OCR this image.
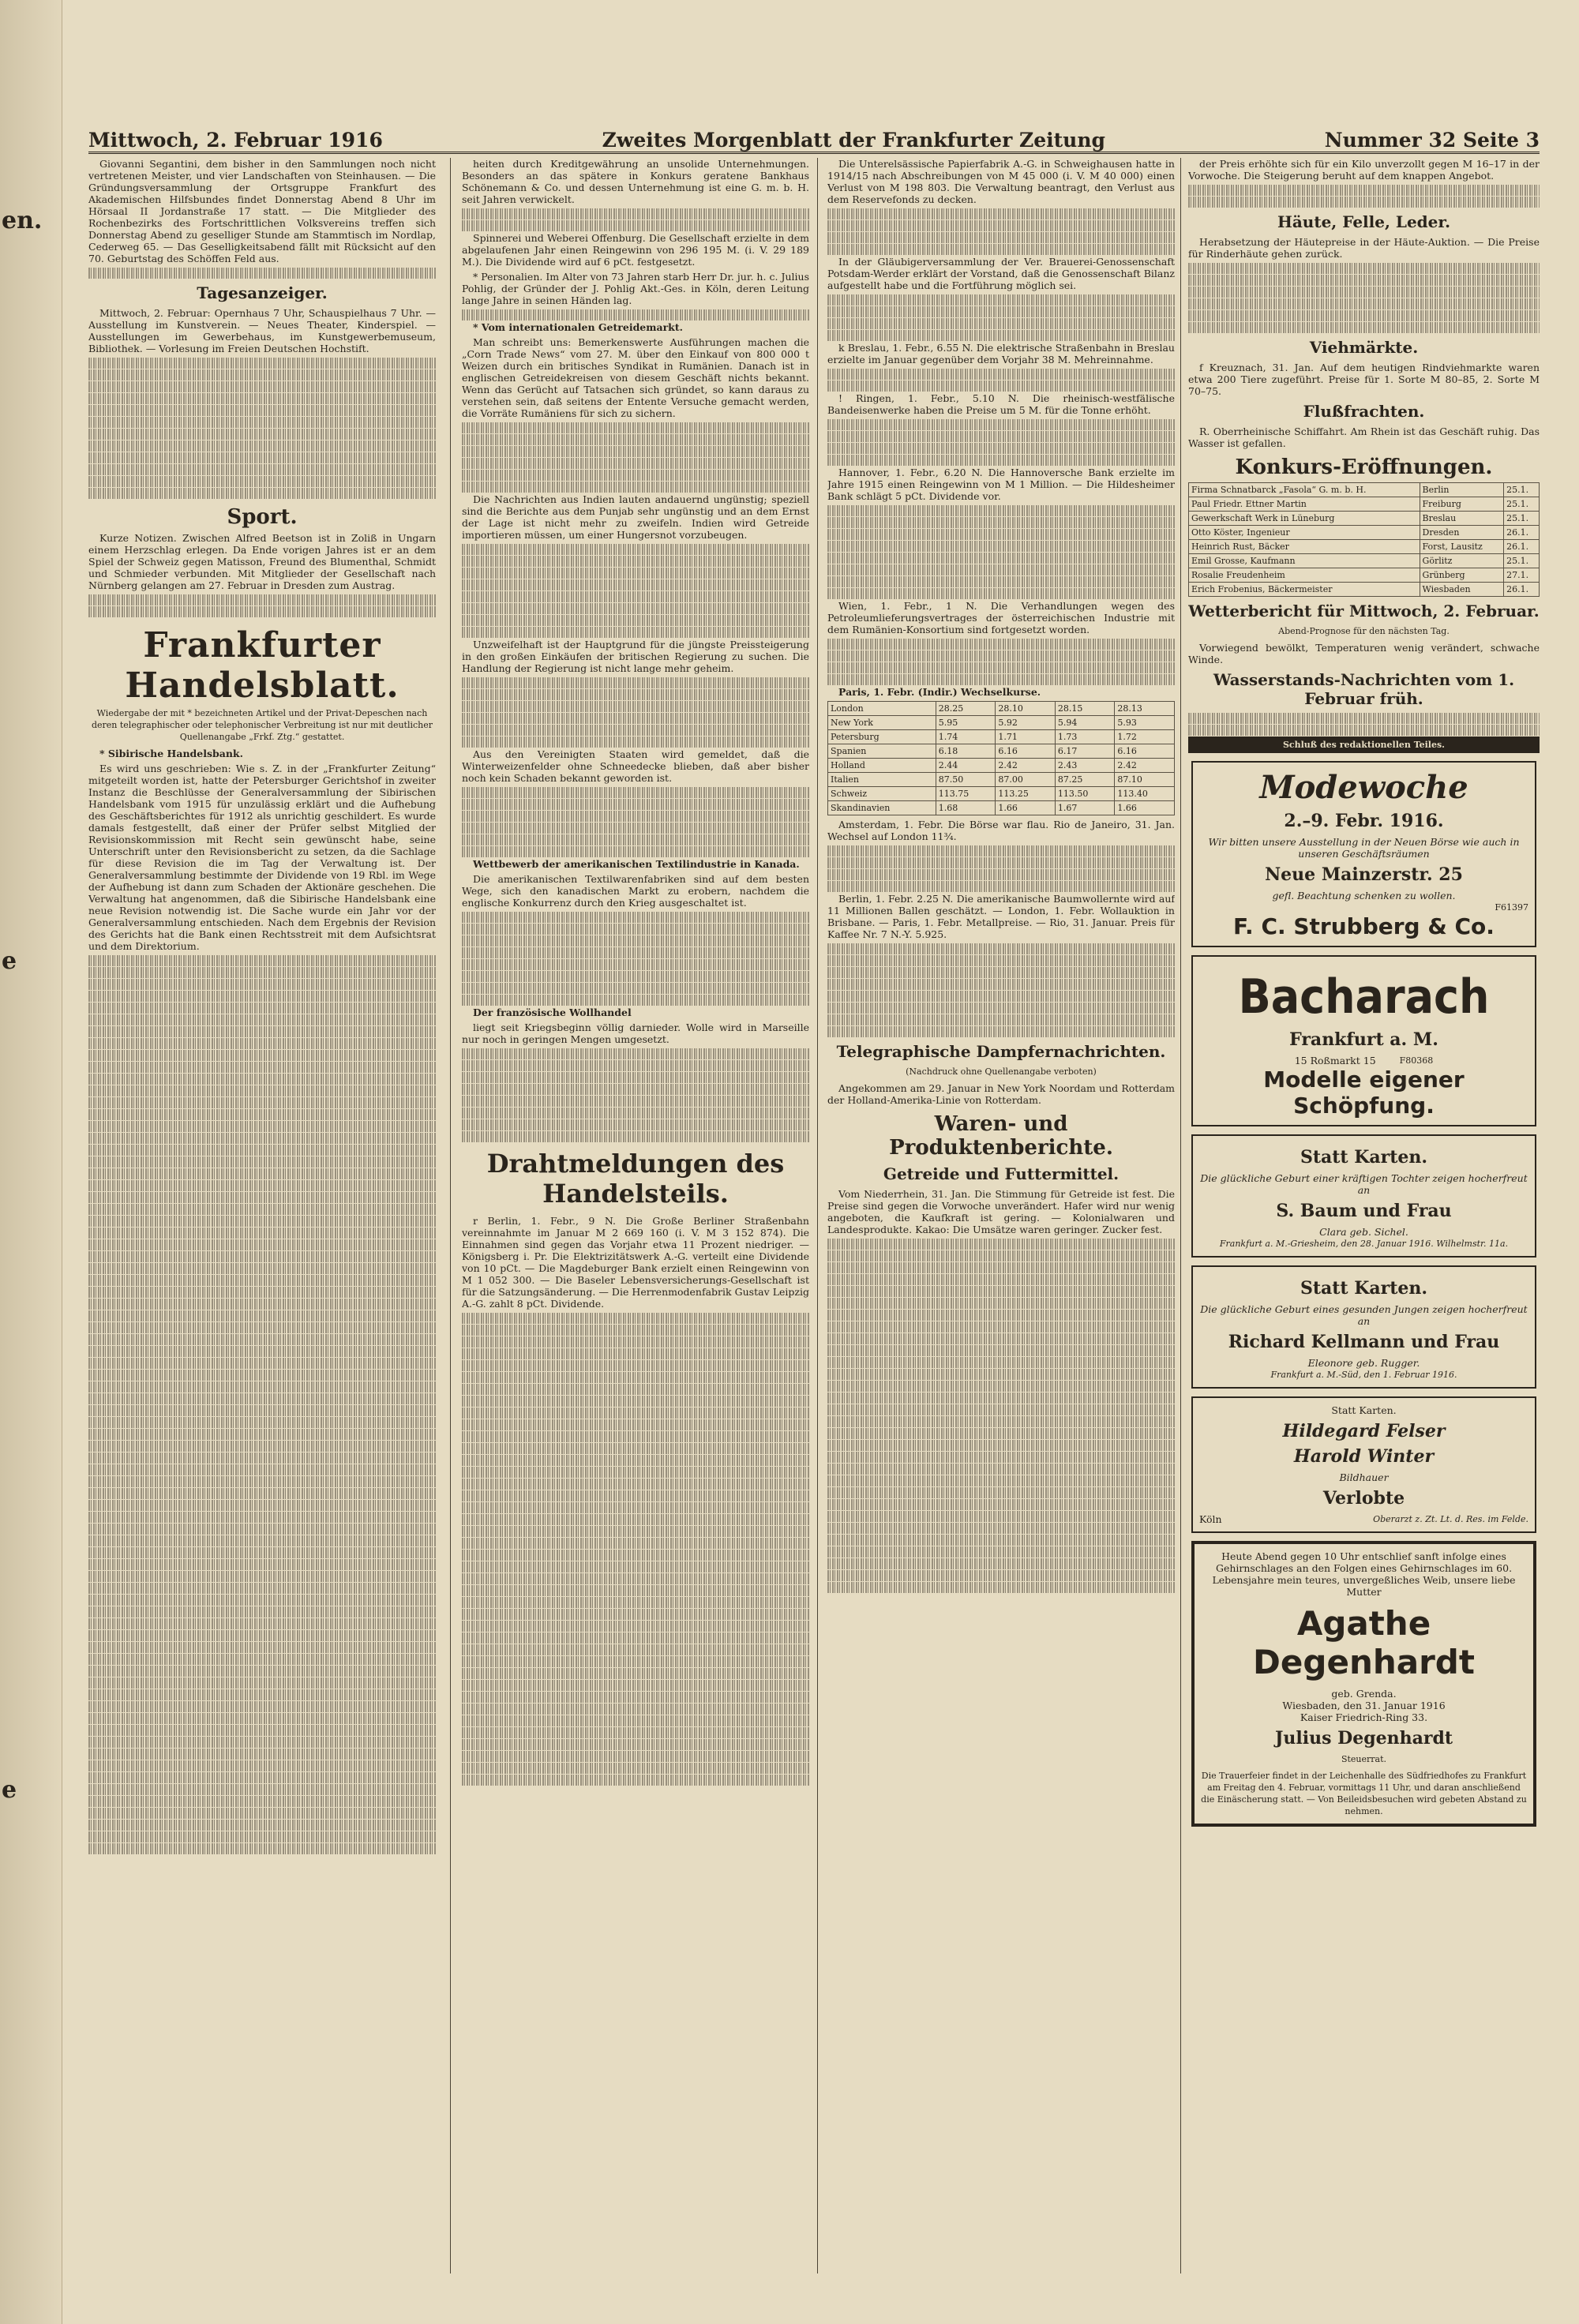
en.
e
e
Mittwoch, 2. Februar 1916	Zweites Morgenblatt der Frankfurter Zeitung	Nummer 32 Seite 3

Giovanni Segantini, dem bisher in den Sammlungen noch nicht vertretenen Meister, und vier Landschaften von Steinhausen. — Die Gründungsversammlung der Ortsgruppe Frankfurt des Akademischen Hilfsbundes findet Donnerstag Abend 8 Uhr im Hörsaal II Jordanstraße 17 statt. — Die Mitglieder des Rochenbezirks des Fortschrittlichen Volksvereins treffen sich Donnerstag Abend zu geselliger Stunde am Stammtisch im Nordlap, Cederweg 65. — Das Geselligkeitsabend fällt mit Rücksicht auf den 70. Geburtstag des Schöffen Feld aus.

Tagesanzeiger.

Mittwoch, 2. Februar: Opernhaus 7 Uhr, Schauspielhaus 7 Uhr. — Ausstellung im Kunstverein. — Neues Theater, Kinderspiel. — Ausstellungen im Gewerbehaus, im Kunstgewerbemuseum, Bibliothek. — Vorlesung im Freien Deutschen Hochstift.

Sport.

Kurze Notizen. Zwischen Alfred Beetson ist in Zoliß in Ungarn einem Herzschlag erlegen. Da Ende vorigen Jahres ist er an dem Spiel der Schweiz gegen Matisson, Freund des Blumenthal, Schmidt und Schmieder verbunden. Mit Mitglieder der Gesellschaft nach Nürnberg gelangen am 27. Februar in Dresden zum Austrag.

Frankfurter Handelsblatt.
Wiedergabe der mit * bezeichneten Artikel und der Privat-Depeschen nach deren telegraphischer oder telephonischer Verbreitung ist nur mit deutlicher Quellenangabe „Frkf. Ztg.“ gestattet.

* Sibirische Handelsbank.

Es wird uns geschrieben: Wie s. Z. in der „Frankfurter Zeitung“ mitgeteilt worden ist, hatte der Petersburger Gerichtshof in zweiter Instanz die Beschlüsse der Generalversammlung der Sibirischen Handelsbank vom 1915 für unzulässig erklärt und die Aufhebung des Geschäftsberichtes für 1912 als unrichtig geschildert. Es wurde damals festgestellt, daß einer der Prüfer selbst Mitglied der Revisionskommission mit Recht sein gewünscht habe, seine Unterschrift unter den Revisionsbericht zu setzen, da die Sachlage für diese Revision die im Tag der Verwaltung ist. Der Generalversammlung bestimmte der Dividende von 19 Rbl. im Wege der Aufhebung ist dann zum Schaden der Aktionäre geschehen. Die Verwaltung hat angenommen, daß die Sibirische Handelsbank eine neue Revision notwendig ist. Die Sache wurde ein Jahr vor der Generalversammlung entschieden. Nach dem Ergebnis der Revision des Gerichts hat die Bank einen Rechtsstreit mit dem Aufsichtsrat und dem Direktorium.

heiten durch Kreditgewährung an unsolide Unternehmungen. Besonders an das spätere in Konkurs geratene Bankhaus Schönemann & Co. und dessen Unternehmung ist eine G. m. b. H. seit Jahren verwickelt.

Spinnerei und Weberei Offenburg. Die Gesellschaft erzielte in dem abgelaufenen Jahr einen Reingewinn von 296 195 M. (i. V. 29 189 M.). Die Dividende wird auf 6 pCt. festgesetzt.

* Personalien. Im Alter von 73 Jahren starb Herr Dr. jur. h. c. Julius Pohlig, der Gründer der J. Pohlig Akt.-Ges. in Köln, deren Leitung lange Jahre in seinen Händen lag.

* Vom internationalen Getreidemarkt.

Man schreibt uns: Bemerkenswerte Ausführungen machen die „Corn Trade News“ vom 27. M. über den Einkauf von 800 000 t Weizen durch ein britisches Syndikat in Rumänien. Danach ist in englischen Getreidekreisen von diesem Geschäft nichts bekannt. Wenn das Gerücht auf Tatsachen sich gründet, so kann daraus zu verstehen sein, daß seitens der Entente Versuche gemacht werden, die Vorräte Rumäniens für sich zu sichern.

Die Nachrichten aus Indien lauten andauernd ungünstig; speziell sind die Berichte aus dem Punjab sehr ungünstig und an dem Ernst der Lage ist nicht mehr zu zweifeln. Indien wird Getreide importieren müssen, um einer Hungersnot vorzubeugen.

Unzweifelhaft ist der Hauptgrund für die jüngste Preissteigerung in den großen Einkäufen der britischen Regierung zu suchen. Die Handlung der Regierung ist nicht lange mehr geheim.

Aus den Vereinigten Staaten wird gemeldet, daß die Winterweizenfelder ohne Schneedecke blieben, daß aber bisher noch kein Schaden bekannt geworden ist.

Wettbewerb der amerikanischen Textilindustrie in Kanada.

Die amerikanischen Textilwarenfabriken sind auf dem besten Wege, sich den kanadischen Markt zu erobern, nachdem die englische Konkurrenz durch den Krieg ausgeschaltet ist.

Der französische Wollhandel

liegt seit Kriegsbeginn völlig darnieder. Wolle wird in Marseille nur noch in geringen Mengen umgesetzt.

Drahtmeldungen des Handelsteils.

r Berlin, 1. Febr., 9 N. Die Große Berliner Straßenbahn vereinnahmte im Januar M 2 669 160 (i. V. M 3 152 874). Die Einnahmen sind gegen das Vorjahr etwa 11 Prozent niedriger. — Königsberg i. Pr. Die Elektrizitätswerk A.-G. verteilt eine Dividende von 10 pCt. — Die Magdeburger Bank erzielt einen Reingewinn von M 1 052 300. — Die Baseler Lebensversicherungs-Gesellschaft ist für die Satzungsänderung. — Die Herrenmodenfabrik Gustav Leipzig A.-G. zahlt 8 pCt. Dividende.

Die Unterelsässische Papierfabrik A.-G. in Schweighausen hatte in 1914/15 nach Abschreibungen von M 45 000 (i. V. M 40 000) einen Verlust von M 198 803. Die Verwaltung beantragt, den Verlust aus dem Reservefonds zu decken.

In der Gläubigerversammlung der Ver. Brauerei-Genossenschaft Potsdam-Werder erklärt der Vorstand, daß die Genossenschaft Bilanz aufgestellt habe und die Fortführung möglich sei.

k Breslau, 1. Febr., 6.55 N. Die elektrische Straßenbahn in Breslau erzielte im Januar gegenüber dem Vorjahr 38 M. Mehreinnahme.

! Ringen, 1. Febr., 5.10 N. Die rheinisch-westfälische Bandeisenwerke haben die Preise um 5 M. für die Tonne erhöht.

Hannover, 1. Febr., 6.20 N. Die Hannoversche Bank erzielte im Jahre 1915 einen Reingewinn von M 1 Million. — Die Hildesheimer Bank schlägt 5 pCt. Dividende vor.

Wien, 1. Febr., 1 N. Die Verhandlungen wegen des Petroleumlieferungsvertrages der österreichischen Industrie mit dem Rumänien-Konsortium sind fortgesetzt worden.

Paris, 1. Febr. (Indir.) Wechselkurse.

London	28.25	28.10	28.15	28.13
New York	5.95	5.92	5.94	5.93
Petersburg	1.74	1.71	1.73	1.72
Spanien	6.18	6.16	6.17	6.16
Holland	2.44	2.42	2.43	2.42
Italien	87.50	87.00	87.25	87.10
Schweiz	113.75	113.25	113.50	113.40
Skandinavien	1.68	1.66	1.67	1.66

Amsterdam, 1. Febr. Die Börse war flau. Rio de Janeiro, 31. Jan. Wechsel auf London 11¾.

Berlin, 1. Febr. 2.25 N. Die amerikanische Baumwollernte wird auf 11 Millionen Ballen geschätzt. — London, 1. Febr. Wollauktion in Brisbane. — Paris, 1. Febr. Metallpreise. — Rio, 31. Januar. Preis für Kaffee Nr. 7 N.-Y. 5.925.

Telegraphische Dampfernachrichten.
(Nachdruck ohne Quellenangabe verboten)

Angekommen am 29. Januar in New York Noordam und Rotterdam der Holland-Amerika-Linie von Rotterdam.

Waren- und Produktenberichte.
Getreide und Futtermittel.

Vom Niederrhein, 31. Jan. Die Stimmung für Getreide ist fest. Die Preise sind gegen die Vorwoche unverändert. Hafer wird nur wenig angeboten, die Kaufkraft ist gering. — Kolonialwaren und Landesprodukte. Kakao: Die Umsätze waren geringer. Zucker fest.

der Preis erhöhte sich für ein Kilo unverzollt gegen M 16–17 in der Vorwoche. Die Steigerung beruht auf dem knappen Angebot.

Häute, Felle, Leder.

Herabsetzung der Häutepreise in der Häute-Auktion. — Die Preise für Rinderhäute gehen zurück.

Viehmärkte.

f Kreuznach, 31. Jan. Auf dem heutigen Rindviehmarkte waren etwa 200 Tiere zugeführt. Preise für 1. Sorte M 80–85, 2. Sorte M 70–75.

Flußfrachten.

R. Oberrheinische Schiffahrt. Am Rhein ist das Geschäft ruhig. Das Wasser ist gefallen.

Konkurs-Eröffnungen.
Firma Schnatbarck „Fasola“ G. m. b. H.	Berlin	25.1.
Paul Friedr. Ettner Martin	Freiburg	25.1.
Gewerkschaft Werk in Lüneburg	Breslau	25.1.
Otto Köster, Ingenieur	Dresden	26.1.
Heinrich Rust, Bäcker	Forst, Lausitz	26.1.
Emil Grosse, Kaufmann	Görlitz	25.1.
Rosalie Freudenheim	Grünberg	27.1.
Erich Frobenius, Bäckermeister	Wiesbaden	26.1.
Wetterbericht für Mittwoch, 2. Februar.
Abend-Prognose für den nächsten Tag.

Vorwiegend bewölkt, Temperaturen wenig verändert, schwache Winde.

Wasserstands-Nachrichten vom 1. Februar früh.
Schluß des redaktionellen Teiles.
Modewoche
2.–9. Febr. 1916.
Wir bitten unsere Ausstellung in der Neuen Börse wie auch in unseren Geschäftsräumen
Neue Mainzerstr. 25
gefl. Beachtung schenken zu wollen.
F61397
F. C. Strubberg & Co.
Bacharach
Frankfurt a. M.
15 Roßmarkt 15	F80368
Modelle eigener Schöpfung.
Statt Karten.
Die glückliche Geburt einer kräftigen Tochter zeigen hocherfreut an
S. Baum und Frau
Clara geb. Sichel.
Frankfurt a. M.-Griesheim, den 28. Januar 1916. Wilhelmstr. 11a.
Statt Karten.
Die glückliche Geburt eines gesunden Jungen zeigen hocherfreut an
Richard Kellmann und Frau
Eleonore geb. Rugger.
Frankfurt a. M.-Süd, den 1. Februar 1916.
Statt Karten.
Hildegard Felser
Harold Winter
Bildhauer
Verlobte
Köln	Oberarzt z. Zt. Lt. d. Res. im Felde.
Heute Abend gegen 10 Uhr entschlief sanft infolge eines Gehirnschlages an den Folgen eines Gehirnschlages im 60. Lebensjahre mein teures, unvergeßliches Weib, unsere liebe Mutter
Agathe Degenhardt
geb. Grenda.
Wiesbaden, den 31. Januar 1916
Kaiser Friedrich-Ring 33.
Julius Degenhardt
Steuerrat.
Die Trauerfeier findet in der Leichenhalle des Südfriedhofes zu Frankfurt am Freitag den 4. Februar, vormittags 11 Uhr, und daran anschließend die Einäscherung statt. — Von Beileidsbesuchen wird gebeten Abstand zu nehmen.
